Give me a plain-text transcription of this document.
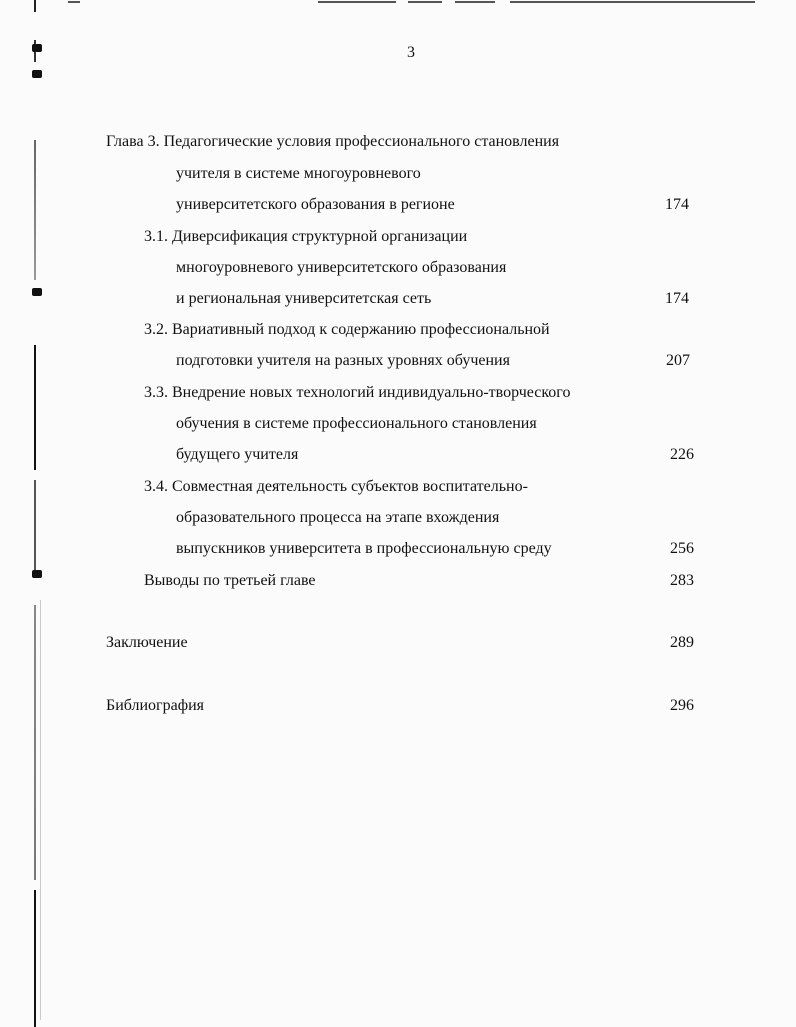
3
Глава 3. Педагогические условия профессионального становления
учителя в системе многоуровневого
университетского образования в регионе	174
3.1. Диверсификация структурной организации
многоуровневого университетского образования
и региональная университетская сеть	174
3.2. Вариативный подход к содержанию профессиональной
подготовки учителя на разных уровнях обучения	207
3.3. Внедрение новых технологий индивидуально-творческого
обучения в системе профессионального становления
будущего учителя	226
3.4. Совместная деятельность субъектов воспитательно-
образовательного процесса на этапе вхождения
выпускников университета в профессиональную среду	256
Выводы по третьей главе	283
Заключение	289
Библиография	296
